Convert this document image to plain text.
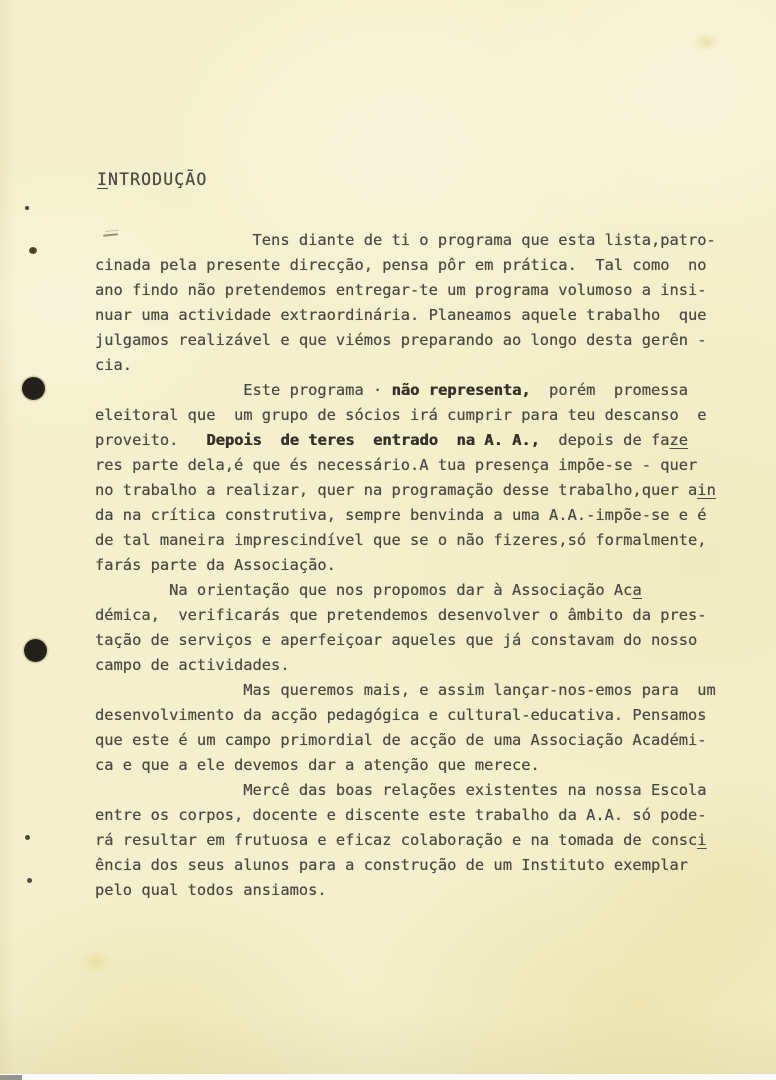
INTRODUÇÃO
Tens diante de ti o programa que esta lista,patro-
cinada pela presente direcção, pensa pôr em prática.  Tal como  no
ano findo não pretendemos entregar-te um programa volumoso a insi-
nuar uma actividade extraordinária. Planeamos aquele trabalho  que
julgamos realizável e que viémos preparando ao longo desta gerên -
cia.
Este programa · não representa,  porém  promessa
eleitoral que  um grupo de sócios irá cumprir para teu descanso  e
proveito.   Depois  de teres  entrado  na A. A.,  depois de faze
res parte dela,é que és necessário.A tua presença impõe-se - quer
no trabalho a realizar, quer na programação desse trabalho,quer ain
da na crítica construtiva, sempre benvinda a uma A.A.-impõe-se e é
de tal maneira imprescindível que se o não fizeres,só formalmente,
farás parte da Associação.
Na orientação que nos propomos dar à Associação Aca
démica,  verificarás que pretendemos desenvolver o âmbito da pres-
tação de serviços e aperfeiçoar aqueles que já constavam do nosso
campo de actividades.
Mas queremos mais, e assim lançar-nos-emos para  um
desenvolvimento da acção pedagógica e cultural-educativa. Pensamos
que este é um campo primordial de acção de uma Associação Académi-
ca e que a ele devemos dar a atenção que merece.
Mercê das boas relações existentes na nossa Escola
entre os corpos, docente e discente este trabalho da A.A. só pode-
rá resultar em frutuosa e eficaz colaboração e na tomada de consci
ência dos seus alunos para a construção de um Instituto exemplar
pelo qual todos ansiamos.
